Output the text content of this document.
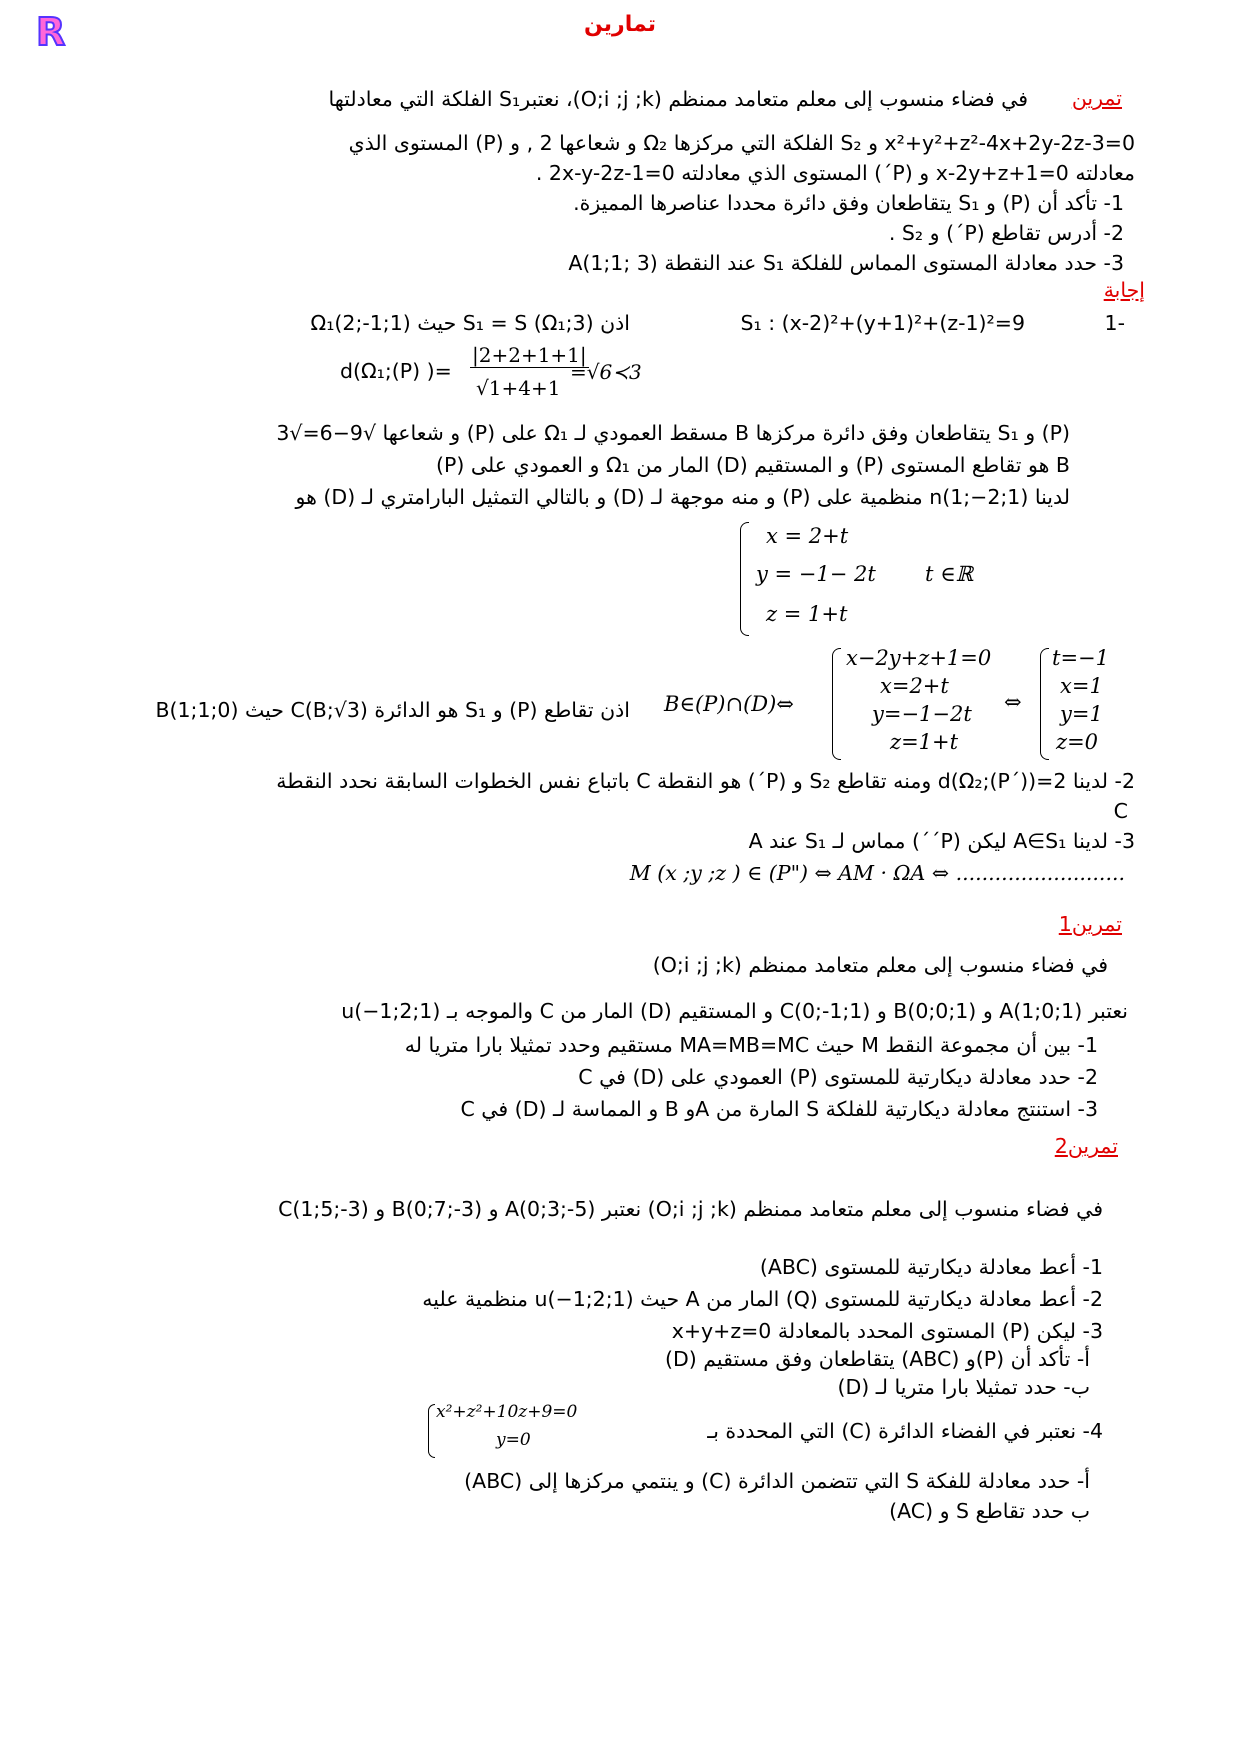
R	تمارين
تمرين
في فضاء منسوب إلى معلم متعامد ممنظم (O;i ;j ;k)، نعتبرS₁ الفلكة التي معادلتها
x²+y²+z²-4x+2y-2z-3=0 و S₂ الفلكة التي مركزها Ω₂ و شعاعها 2 , و (P) المستوى الذي
معادلته x-2y+z+1=0 و (P´) المستوى الذي معادلته 2x-y-2z-1=0 .
1- تأكد أن (P) و S₁ يتقاطعان وفق دائرة محددا عناصرها المميزة.
2- أدرس تقاطع (P´) و S₂ .
3- حدد معادلة المستوى المماس للفلكة S₁ عند النقطة A(1;1; 3)
إجابة
-1
S₁ : (x-2)²+(y+1)²+(z-1)²=9
اذن S₁ = S (Ω₁;3) حيث Ω₁(2;-1;1)
d(Ω₁;(P) )=
|2+2+1+1|
√1+4+1
=√6≺3
(P) و S₁ يتقاطعان وفق دائرة مركزها B مسقط العمودي لـ Ω₁ على (P) و شعاعها √9−6=√3
B هو تقاطع المستوى (P) و المستقيم (D) المار من Ω₁ و العمودي على (P)
لدينا n(1;−2;1) منظمية على (P) و منه موجهة لـ (D) و بالتالي التمثيل البارامتري لـ (D) هو
x = 2+t
y = −1− 2t
z = 1+t
t ∈ℝ
اذن تقاطع (P) و S₁ هو الدائرة C(B;√3) حيث B(1;1;0) B∈(P)∩(D)⇔
x−2y+z+1=0
x=2+t
y=−1−2t
z=1+t
⇔
t=−1
x=1
y=1
z=0
2- لدينا d(Ω₂;(P´))=2 ومنه تقاطع S₂ و (P´) هو النقطة C باتباع نفس الخطوات السابقة نحدد النقطة
C
3- لدينا A∈S₁ ليكن (P´´) مماس لـ S₁ عند A
M (x ;y ;z ) ∈ (P") ⇔ AM · ΩA ⇔ ..........................
تمرين1
في فضاء منسوب إلى معلم متعامد ممنظم (O;i ;j ;k)
نعتبر A(1;0;1) و B(0;0;1) و C(0;-1;1) و المستقيم (D) المار من C والموجه بـ u(−1;2;1)
1- بين أن مجموعة النقط M حيث MA=MB=MC مستقيم وحدد تمثيلا بارا متريا له
2- حدد معادلة ديكارتية للمستوى (P) العمودي على (D) في C
3- استنتج معادلة ديكارتية للفلكة S المارة من Aو B و المماسة لـ (D) في C
تمرين2
في فضاء منسوب إلى معلم متعامد ممنظم (O;i ;j ;k) نعتبر A(0;3;-5) و B(0;7;-3) و C(1;5;-3)
1- أعط معادلة ديكارتية للمستوى (ABC)
2- أعط معادلة ديكارتية للمستوى (Q) المار من A حيث u(−1;2;1) منظمية عليه
3- ليكن (P) المستوى المحدد بالمعادلة x+y+z=0
أ- تأكد أن (P)و (ABC) يتقاطعان وفق مستقيم (D)
ب- حدد تمثيلا بارا متريا لـ (D)
4- نعتبر في الفضاء الدائرة (C) التي المحددة بـ
x²+z²+10z+9=0
y=0
أ- حدد معادلة للفكة S التي تتضمن الدائرة (C) و ينتمي مركزها إلى (ABC)
ب حدد تقاطع S و (AC)
